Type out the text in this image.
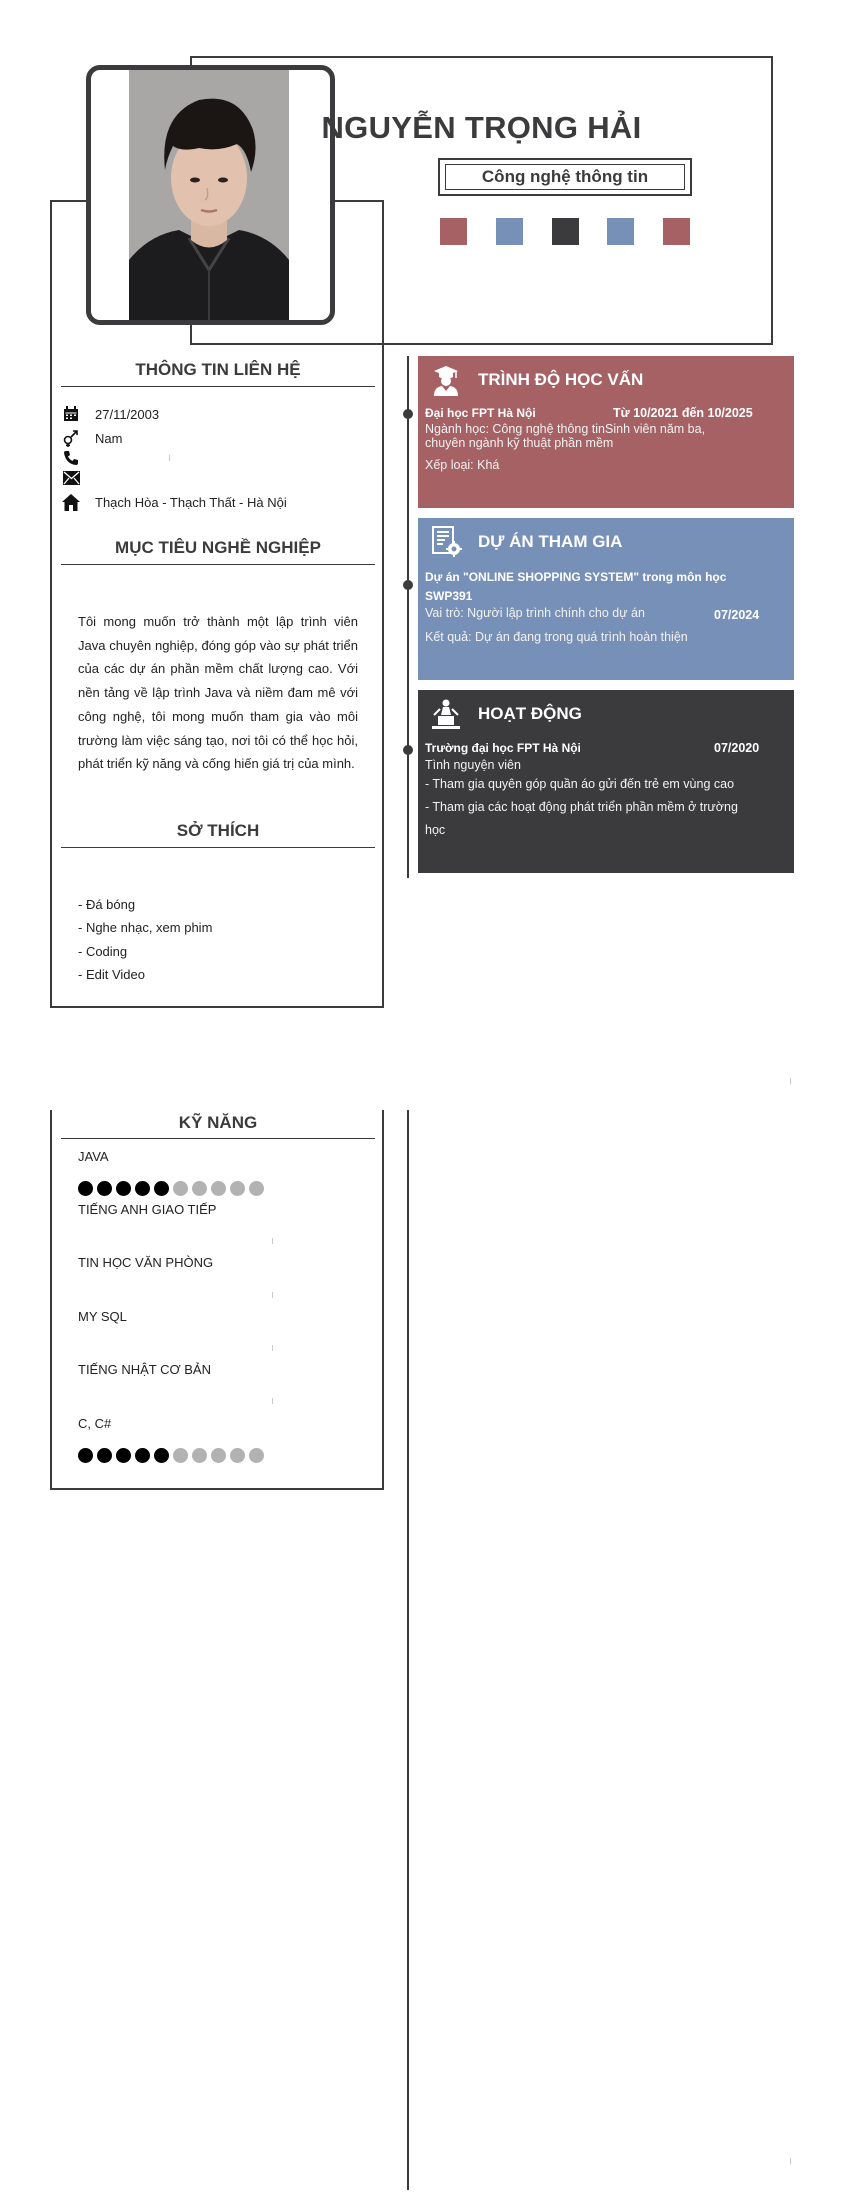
NGUYỄN TRỌNG HẢI
Công nghệ thông tin
THÔNG TIN LIÊN HỆ
27/11/2003
Nam
Thạch Hòa - Thạch Thất - Hà Nội
MỤC TIÊU NGHỀ NGHIỆP
Tôi mong muốn trở thành một lập trình viên Java chuyên nghiệp, đóng góp vào sự phát triển của các dự án phần mềm chất lượng cao. Với nền tảng về lập trình Java và niềm đam mê với công nghệ, tôi mong muốn tham gia vào môi trường làm việc sáng tạo, nơi tôi có thể học hỏi, phát triển kỹ năng và cống hiến giá trị của mình.
SỞ THÍCH
- Đá bóng
- Nghe nhạc, xem phim
- Coding
- Edit Video
TRÌNH ĐỘ HỌC VẤN
Đại học FPT Hà Nội	Từ 10/2021 đến 10/2025
Ngành học: Công nghệ thông tinSinh viên năm ba,
chuyên ngành kỹ thuật phần mềm
Xếp loại: Khá
DỰ ÁN THAM GIA
Dự án "ONLINE SHOPPING SYSTEM" trong môn học
SWP391
Vai trò: Người lập trình chính cho dự án	07/2024
Kết quả: Dự án đang trong quá trình hoàn thiện
HOẠT ĐỘNG
Trường đại học FPT Hà Nội	07/2020
Tình nguyện viên
- Tham gia quyên góp quần áo gửi đến trẻ em vùng cao
- Tham gia các hoạt động phát triển phần mềm ở trường
học
KỸ NĂNG
JAVA
TIẾNG ANH GIAO TIẾP
TIN HỌC VĂN PHÒNG
MY SQL
TIẾNG NHẬT CƠ BẢN
C, C#
